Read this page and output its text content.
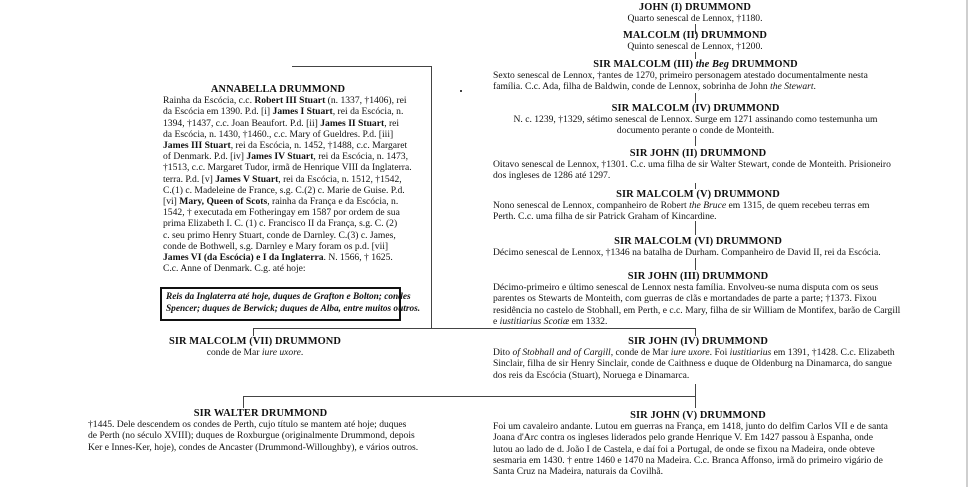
JOHN (I) DRUMMOND
Quarto senescal de Lennox, †1180.
MALCOLM (II) DRUMMOND
Quinto senescal de Lennox, †1200.
SIR MALCOLM (III) the Beg DRUMMOND
Sexto senescal de Lennox, †antes de 1270, primeiro personagem atestado documentalmente nesta
família. C.c. Ada, filha de Baldwin, conde de Lennox, sobrinha de John the Stewart.
SIR MALCOLM (IV) DRUMMOND
N. c. 1239, †1329, sétimo senescal de Lennox. Surge em 1271 assinando como testemunha um
documento perante o conde de Monteith.
SIR JOHN (II) DRUMMOND
Oitavo senescal de Lennox, †1301. C.c. uma filha de sir Walter Stewart, conde de Monteith. Prisioneiro
dos ingleses de 1286 até 1297.
SIR MALCOLM (V) DRUMMOND
Nono senescal de Lennox, companheiro de Robert the Bruce em 1315, de quem recebeu terras em
Perth. C.c. uma filha de sir Patrick Graham of Kincardine.
SIR MALCOLM (VI) DRUMMOND
Décimo senescal de Lennox, †1346 na batalha de Durham. Companheiro de David II, rei da Escócia.
SIR JOHN (III) DRUMMOND
Décimo-primeiro e último senescal de Lennox nesta família. Envolveu-se numa disputa com os seus
parentes os Stewarts de Monteith, com guerras de clãs e mortandades de parte a parte; †1373. Fixou
residência no castelo de Stobhall, em Perth, e c.c. Mary, filha de sir William de Montifex, barão de Cargill
e iustitiarius Scotiæ em 1332.
SIR JOHN (IV) DRUMMOND
Dito of Stobhall and of Cargill, conde de Mar iure uxore. Foi iustitiarius em 1391, †1428. C.c. Elizabeth
Sinclair, filha de sir Henry Sinclair, conde de Caithness e duque de Oldenburg na Dinamarca, do sangue
dos reis da Escócia (Stuart), Noruega e Dinamarca.
SIR JOHN (V) DRUMMOND
Foi um cavaleiro andante. Lutou em guerras na França, em 1418, junto do delfim Carlos VII e de santa
Joana d'Arc contra os ingleses liderados pelo grande Henrique V. Em 1427 passou à Espanha, onde
lutou ao lado de d. João I de Castela, e daí foi a Portugal, de onde se fixou na Madeira, onde obteve
sesmaria em 1430. † entre 1460 e 1470 na Madeira. C.c. Branca Affonso, irmã do primeiro vigário de
Santa Cruz na Madeira, naturais da Covilhã.
SIR MALCOLM (VII) DRUMMOND
conde de Mar iure uxore.
SIR WALTER DRUMMOND
†1445. Dele descendem os condes de Perth, cujo título se mantem até hoje; duques
de Perth (no século XVIII); duques de Roxburgue (originalmente Drummond, depois
Ker e Innes-Ker, hoje), condes de Ancaster (Drummond-Willoughby), e vários outros.
ANNABELLA DRUMMOND
Rainha da Escócia, c.c. Robert III Stuart (n. 1337, †1406), rei
da Escócia em 1390. P.d. [i] James I Stuart, rei da Escócia, n.
1394, †1437, c.c. Joan Beaufort. P.d. [ii] James II Stuart, rei
da Escócia, n. 1430, †1460., c.c. Mary of Gueldres. P.d. [iii]
James III Stuart, rei da Escócia, n. 1452, †1488, c.c. Margaret
of Denmark. P.d. [iv] James IV Stuart, rei da Escócia, n. 1473,
†1513, c.c. Margaret Tudor, irmã de Henrique VIII da Inglaterra.
terra. P.d. [v] James V Stuart, rei da Escócia, n. 1512, †1542,
C.(1) c. Madeleine de France, s.g. C.(2) c. Marie de Guise. P.d.
[vi] Mary, Queen of Scots, rainha da França e da Escócia, n.
1542, † executada em Fotheringay em 1587 por ordem de sua
prima Elizabeth I. C. (1) c. Francisco II da França, s.g. C. (2)
c. seu primo Henry Stuart, conde de Darnley. C.(3) c. James,
conde de Bothwell, s.g. Darnley e Mary foram os p.d. [vii]
James VI (da Escócia) e I da Inglaterra. N. 1566, † 1625.
C.c. Anne of Denmark. C.g. até hoje:
Reis da Inglaterra até hoje, duques de Grafton e Bolton; condes
Spencer; duques de Berwick; duques de Alba, entre muitos outros.
